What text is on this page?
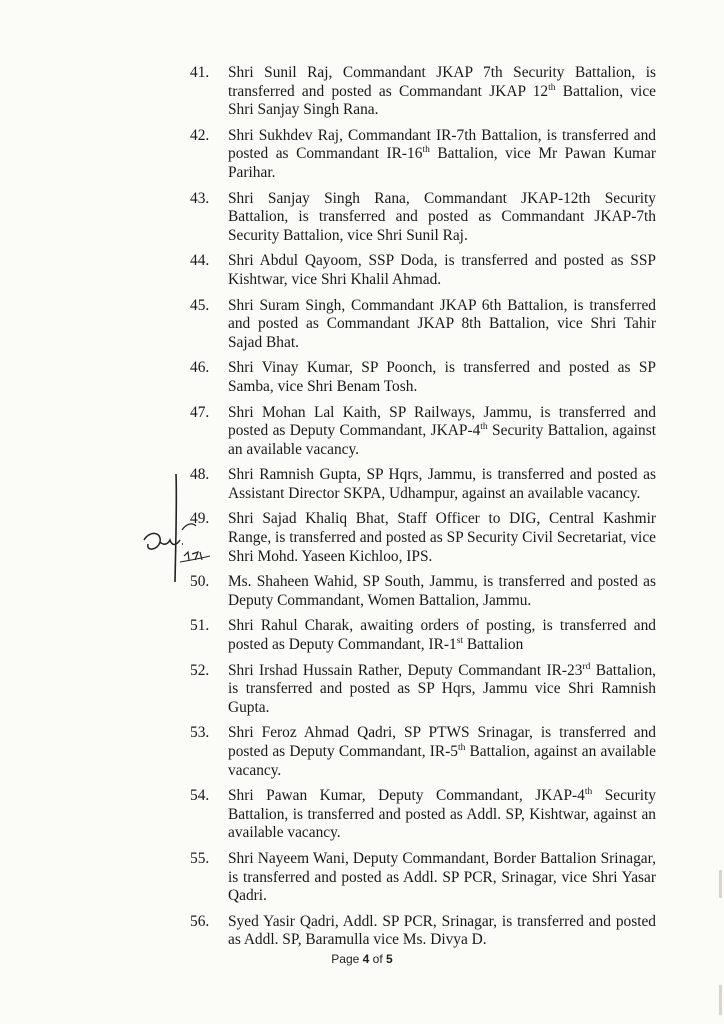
41.	Shri Sunil Raj, Commandant JKAP 7th Security Battalion, is transferred and posted as Commandant JKAP 12th Battalion, vice Shri Sanjay Singh Rana.
42.	Shri Sukhdev Raj, Commandant IR-7th Battalion, is transferred and posted as Commandant IR-16th Battalion, vice Mr Pawan Kumar Parihar.
43.	Shri Sanjay Singh Rana, Commandant JKAP-12th Security Battalion, is transferred and posted as Commandant JKAP-7th Security Battalion, vice Shri Sunil Raj.
44.	Shri Abdul Qayoom, SSP Doda, is transferred and posted as SSP Kishtwar, vice Shri Khalil Ahmad.
45.	Shri Suram Singh, Commandant JKAP 6th Battalion, is transferred and posted as Commandant JKAP 8th Battalion, vice Shri Tahir Sajad Bhat.
46.	Shri Vinay Kumar, SP Poonch, is transferred and posted as SP Samba, vice Shri Benam Tosh.
47.	Shri Mohan Lal Kaith, SP Railways, Jammu, is transferred and posted as Deputy Commandant, JKAP-4th Security Battalion, against an available vacancy.
48.	Shri Ramnish Gupta, SP Hqrs, Jammu, is transferred and posted as Assistant Director SKPA, Udhampur, against an available vacancy.
49.	Shri Sajad Khaliq Bhat, Staff Officer to DIG, Central Kashmir Range, is transferred and posted as SP Security Civil Secretariat, vice Shri Mohd. Yaseen Kichloo, IPS.
50.	Ms. Shaheen Wahid, SP South, Jammu, is transferred and posted as Deputy Commandant, Women Battalion, Jammu.
51.	Shri Rahul Charak, awaiting orders of posting, is transferred and posted as Deputy Commandant, IR-1st Battalion
52.	Shri Irshad Hussain Rather, Deputy Commandant IR-23rd Battalion, is transferred and posted as SP Hqrs, Jammu vice Shri Ramnish Gupta.
53.	Shri Feroz Ahmad Qadri, SP PTWS Srinagar, is transferred and posted as Deputy Commandant, IR-5th Battalion, against an available vacancy.
54.	Shri Pawan Kumar, Deputy Commandant, JKAP-4th Security Battalion, is transferred and posted as Addl. SP, Kishtwar, against an available vacancy.
55.	Shri Nayeem Wani, Deputy Commandant, Border Battalion Srinagar, is transferred and posted as Addl. SP PCR, Srinagar, vice Shri Yasar Qadri.
56.	Syed Yasir Qadri, Addl. SP PCR, Srinagar, is transferred and posted as Addl. SP, Baramulla vice Ms. Divya D.
Page 4 of 5
